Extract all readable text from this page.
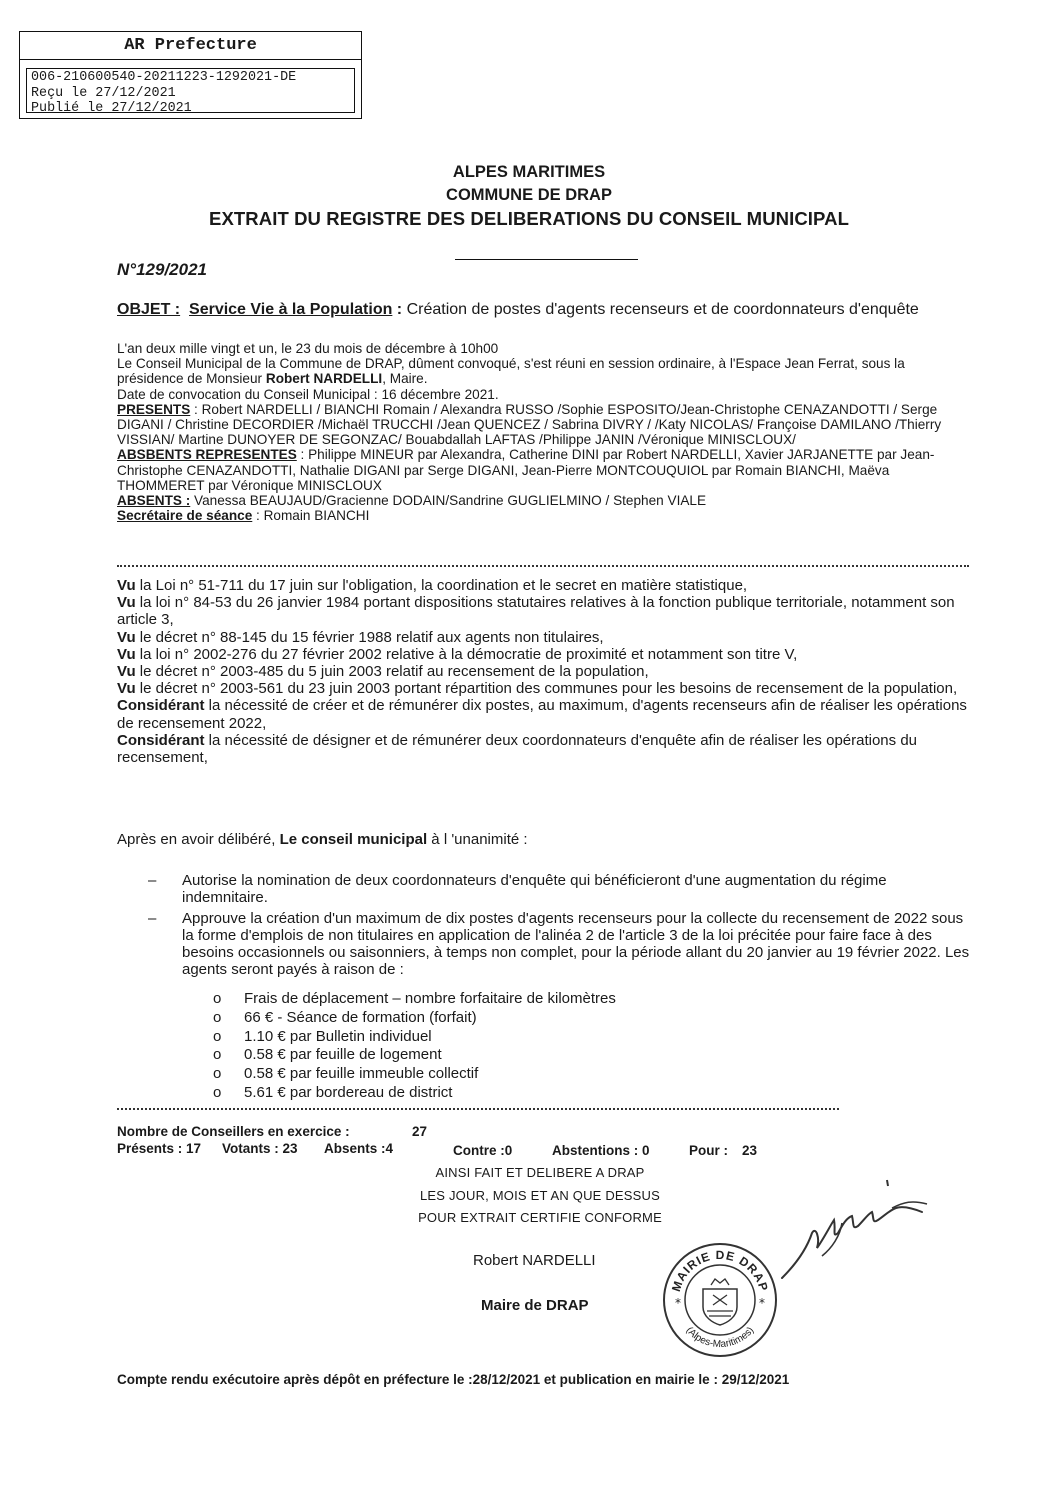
AR Prefecture
006-210600540-20211223-1292021-DE
Reçu le 27/12/2021
Publié le 27/12/2021
ALPES MARITIMES
COMMUNE DE DRAP
EXTRAIT DU REGISTRE DES DELIBERATIONS DU CONSEIL MUNICIPAL
N°129/2021
OBJET : Service Vie à la Population : Création de postes d'agents recenseurs et de coordonnateurs d'enquête
L'an deux mille vingt et un, le 23 du mois de décembre à 10h00
Le Conseil Municipal de la Commune de DRAP, dûment convoqué, s'est réuni en session ordinaire, à l'Espace Jean Ferrat, sous la présidence de Monsieur Robert NARDELLI, Maire.
Date de convocation du Conseil Municipal : 16 décembre 2021.
PRESENTS : Robert NARDELLI / BIANCHI Romain / Alexandra RUSSO /Sophie ESPOSITO/Jean-Christophe CENAZANDOTTI / Serge DIGANI / Christine DECORDIER /Michaël TRUCCHI /Jean QUENCEZ / Sabrina DIVRY / /Katy NICOLAS/ Françoise DAMILANO /Thierry VISSIAN/ Martine DUNOYER DE SEGONZAC/ Bouabdallah LAFTAS /Philippe JANIN /Véronique MINISCLOUX/
ABSBENTS REPRESENTES : Philippe MINEUR par Alexandra, Catherine DINI par Robert NARDELLI, Xavier JARJANETTE par Jean-Christophe CENAZANDOTTI, Nathalie DIGANI par Serge DIGANI, Jean-Pierre MONTCOUQUIOL par Romain BIANCHI, Maëva THOMMERET par Véronique MINISCLOUX
ABSENTS : Vanessa BEAUJAUD/Gracienne DODAIN/Sandrine GUGLIELMINO / Stephen VIALE
Secrétaire de séance : Romain BIANCHI

Vu la Loi n° 51-711 du 17 juin sur l'obligation, la coordination et le secret en matière statistique,

Vu la loi n° 84-53 du 26 janvier 1984 portant dispositions statutaires relatives à la fonction publique territoriale, notamment son article 3,

Vu le décret n° 88-145 du 15 février 1988 relatif aux agents non titulaires,

Vu la loi n° 2002-276 du 27 février 2002 relative à la démocratie de proximité et notamment son titre V,

Vu le décret n° 2003-485 du 5 juin 2003 relatif au recensement de la population,

Vu le décret n° 2003-561 du 23 juin 2003 portant répartition des communes pour les besoins de recensement de la population,

Considérant la nécessité de créer et de rémunérer dix postes, au maximum, d'agents recenseurs afin de réaliser les opérations de recensement 2022,

Considérant la nécessité de désigner et de rémunérer deux coordonnateurs d'enquête afin de réaliser les opérations du recensement,

Après en avoir délibéré, Le conseil municipal à l 'unanimité :
–	Autorise la nomination de deux coordonnateurs d'enquête qui bénéficieront d'une augmentation du régime indemnitaire.
–	Approuve la création d'un maximum de dix postes d'agents recenseurs pour la collecte du recensement de 2022 sous la forme d'emplois de non titulaires en application de l'alinéa 2 de l'article 3 de la loi précitée pour faire face à des besoins occasionnels ou saisonniers, à temps non complet, pour la période allant du 20 janvier au 19 février 2022. Les agents seront payés à raison de :
o Frais de déplacement – nombre forfaitaire de kilomètres
o 66 € - Séance de formation (forfait)
o 1.10 € par Bulletin individuel
o 0.58 € par feuille de logement
o 0.58 € par feuille immeuble collectif
o 5.61 € par bordereau de district
Nombre de Conseillers en exercice :	27
Présents : 17 Votants : 23 Absents :4	Contre :0	Abstentions : 0	Pour : 23
AINSI FAIT ET DELIBERE A DRAP
LES JOUR, MOIS ET AN QUE DESSUS
POUR EXTRAIT CERTIFIE CONFORME
Robert NARDELLI
Maire de DRAP
MAIRIE DE DRAP
(Alpes-Maritimes)
*	*
Compte rendu exécutoire après dépôt en préfecture le :28/12/2021 et publication en mairie le : 29/12/2021
